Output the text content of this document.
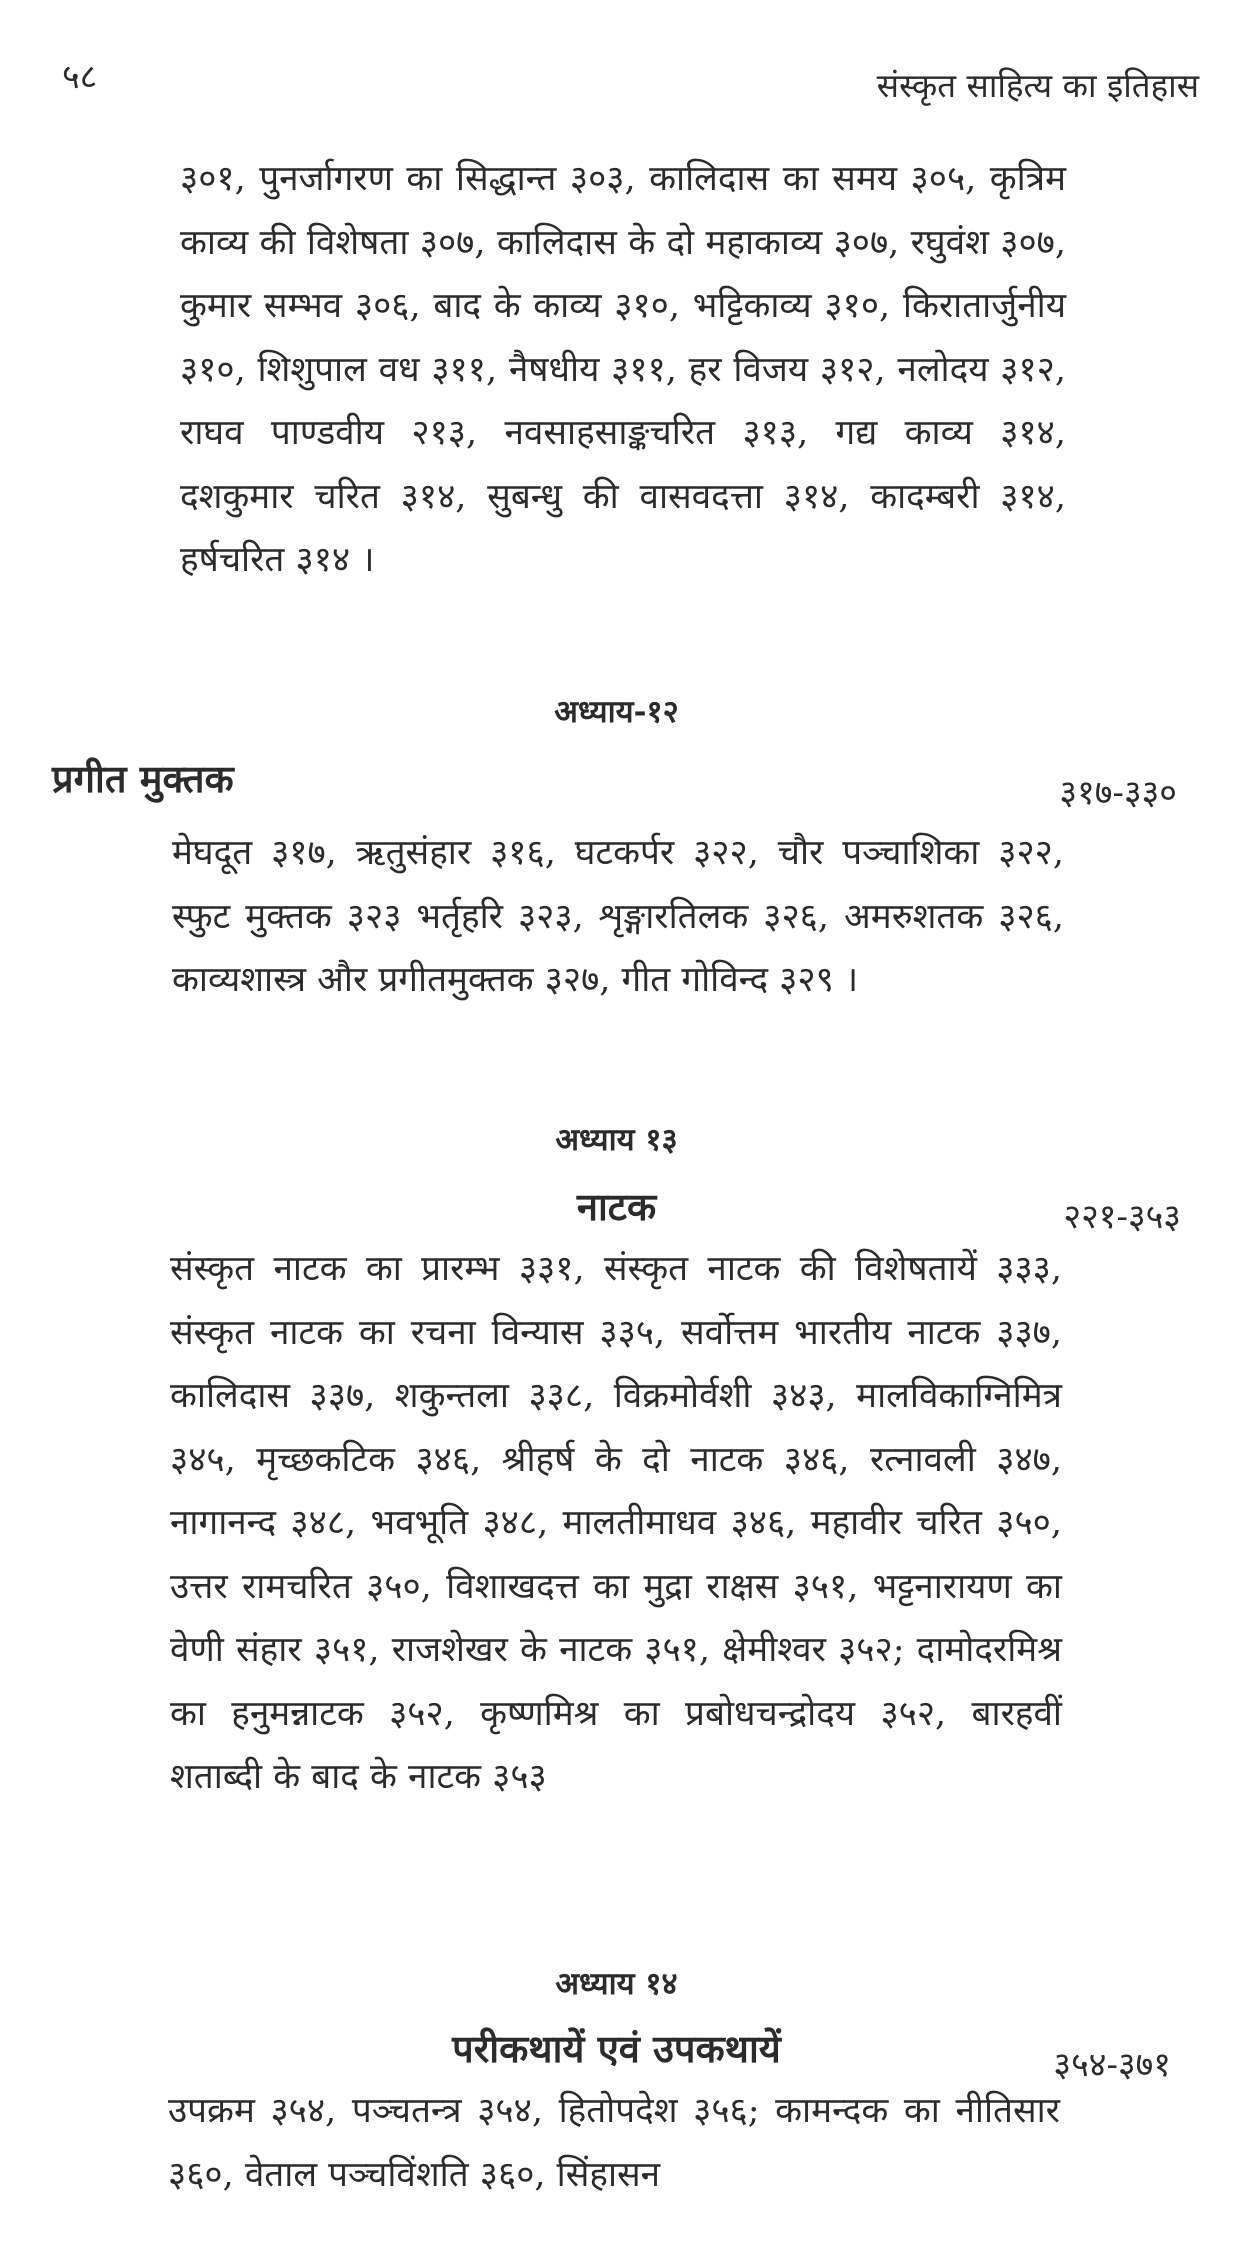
५८	संस्कृत साहित्य का इतिहास

३०१, पुनर्जागरण का सिद्धान्त ३०३, कालिदास का समय ३०५, कृत्रिम काव्य की विशेषता ३०७, कालिदास के दो महाकाव्य ३०७, रघुवंश ३०७, कुमार सम्भव ३०६, बाद के काव्य ३१०, भट्टिकाव्य ३१०, किरातार्जुनीय ३१०, शिशुपाल वध ३११, नैषधीय ३११, हर विजय ३१२, नलोदय ३१२, राघव पाण्डवीय २१३, नवसाहसाङ्कचरित ३१३, गद्य काव्य ३१४, दशकुमार चरित ३१४, सुबन्धु की वासवदत्ता ३१४, कादम्बरी ३१४, हर्षचरित ३१४ ।

अध्याय-१२
प्रगीत मुक्तक	३१७-३३०

मेघदूत ३१७, ऋतुसंहार ३१६, घटकर्पर ३२२, चौर पञ्चाशिका ३२२, स्फुट मुक्तक ३२३ भर्तृहरि ३२३, शृङ्गारतिलक ३२६, अमरुशतक ३२६, काव्यशास्त्र और प्रगीतमुक्तक ३२७, गीत गोविन्द ३२९ ।

अध्याय १३
नाटक	२२१-३५३

संस्कृत नाटक का प्रारम्भ ३३१, संस्कृत नाटक की विशेषतायें ३३३, संस्कृत नाटक का रचना विन्यास ३३५, सर्वोत्तम भारतीय नाटक ३३७, कालिदास ३३७, शकुन्तला ३३८, विक्रमोर्वशी ३४३, मालविकाग्निमित्र ३४५, मृच्छकटिक ३४६, श्रीहर्ष के दो नाटक ३४६, रत्नावली ३४७, नागानन्द ३४८, भवभूति ३४८, मालतीमाधव ३४६, महावीर चरित ३५०, उत्तर रामचरित ३५०, विशाखदत्त का मुद्रा राक्षस ३५१, भट्टनारायण का वेणी संहार ३५१, राजशेखर के नाटक ३५१, क्षेमीश्वर ३५२; दामोदरमिश्र का हनुमन्नाटक ३५२, कृष्णमिश्र का प्रबोधचन्द्रोदय ३५२, बारहवीं शताब्दी के बाद के नाटक ३५३

अध्याय १४
परीकथायें एवं उपकथायें	३५४-३७१

उपक्रम ३५४, पञ्चतन्त्र ३५४, हितोपदेश ३५६; कामन्दक का नीतिसार ३६०, वेताल पञ्चविंशति ३६०, सिंहासन
